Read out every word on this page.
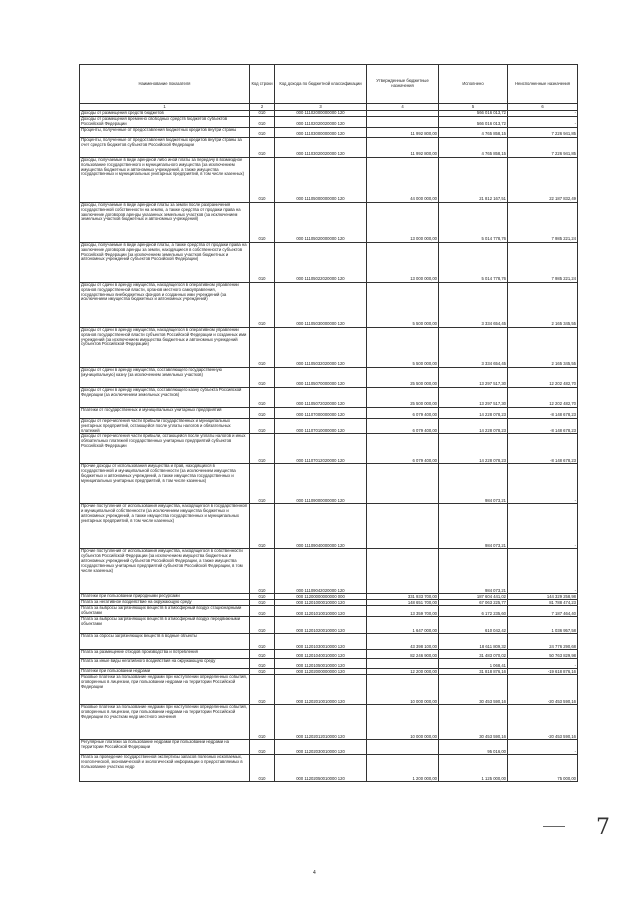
Наименование показателя	Код строки	Код дохода по бюджетной классификации	Утвержденные бюджетные назначения	Исполнено	Неисполненные назначения
1	2	3	4	5	6
Доходы от размещения средств бюджетов	010	000 11102000000000 120		566 016 013,72	-
Доходы от размещения временно свободных средств бюджетов субъектов Российской Федерации	010	000 11102020020000 120		566 016 013,72	-
Проценты, полученные от предоставления бюджетных кредитов внутри страны	010	000 11103000000000 120	11 992 800,00	4 765 858,15	7 226 941,85
Проценты, полученные от предоставления бюджетных кредитов внутри страны за счет средств бюджетов субъектов Российской Федерации	010	000 11103020020000 120	11 992 800,00	4 765 858,15	7 226 941,85
Доходы, получаемые в виде арендной либо иной платы за передачу в возмездное пользование государственного и муниципального имущества (за исключением имущества бюджетных и автономных учреждений, а также имущества государственных и муниципальных унитарных предприятий, в том числе казенных)	010	000 11105000000000 120	44 000 000,00	21 812 167,51	22 187 832,49
Доходы, получаемые в виде арендной платы за земли после разграничения государственной собственности на землю, а также средства от продажи права на заключение договоров аренды указанных земельных участков (за исключением земельных участков бюджетных и автономных учреждений)	010	000 11105020000000 120	13 000 000,00	5 014 778,76	7 985 221,24
Доходы, получаемые в виде арендной платы, а также средства от продажи права на заключение договоров аренды за земли, находящиеся в собственности субъектов Российской Федерации (за исключением земельных участков бюджетных и автономных учреждений субъектов Российской Федерации)	010	000 11105022020000 120	13 000 000,00	5 014 778,76	7 985 221,24
Доходы от сдачи в аренду имущества, находящегося в оперативном управлении органов государственной власти, органов местного самоуправления, государственных внебюджетных фондов и созданных ими учреждений (за исключением имущества бюджетных и автономных учреждений)	010	000 11105030000000 120	5 500 000,00	3 334 654,45	2 165 345,55
Доходы от сдачи в аренду имущества, находящегося в оперативном управлении органов государственной власти субъектов Российской Федерации и созданных ими учреждений (за исключением имущества бюджетных и автономных учреждений субъектов Российской Федерации)	010	000 11105032020000 120	5 500 000,00	3 334 654,45	2 165 345,55
Доходы от сдачи в аренду имущества, составляющего государственную (муниципальную) казну (за исключением земельных участков)	010	000 11105070000000 120	25 500 000,00	13 297 517,30	12 202 482,70
Доходы от сдачи в аренду имущества, составляющего казну субъекта Российской Федерации (за исключением земельных участков)	010	000 11105072020000 120	25 500 000,00	13 297 517,30	12 202 482,70
Платежи от государственных и муниципальных унитарных предприятий	010	000 11107000000000 120	6 079 400,00	14 228 078,23	-8 148 678,23
Доходы от перечисления части прибыли государственных и муниципальных унитарных предприятий, остающейся после уплаты налогов и обязательных платежей	010	000 11107010000000 120	6 079 400,00	14 228 078,23	-8 148 678,23
Доходы от перечисления части прибыли, остающейся после уплаты налогов и иных обязательных платежей государственных унитарных предприятий субъектов Российской Федерации	010	000 11107012020000 120	6 079 400,00	14 228 078,23	-8 148 678,23
Прочие доходы от использования имущества и прав, находящихся в государственной и муниципальной собственности (за исключением имущества бюджетных и автономных учреждений, а также имущества государственных и муниципальных унитарных предприятий, в том числе казенных)	010	000 11109000000000 120		984 073,21	-
Прочие поступления от использования имущества, находящегося в государственной и муниципальной собственности (за исключением имущества бюджетных и автономных учреждений, а также имущества государственных и муниципальных унитарных предприятий, в том числе казенных)	010	000 11109040000000 120		984 073,21	-
Прочие поступления от использования имущества, находящегося в собственности субъектов Российской Федерации (за исключением имущества бюджетных и автономных учреждений субъектов Российской Федерации, а также имущества государственных унитарных предприятий субъектов Российской Федерации, в том числе казенных)	010	000 11109042020000 120		984 073,21	-
Платежи при пользовании природными ресурсами	010	000 11200000000000 000	331 933 700,00	187 604 441,02	144 329 258,98
Плата за негативное воздействие на окружающую среду	010	000 11201000010000 120	148 651 700,00	67 063 225,77	81 788 474,23
Плата за выбросы загрязняющих веществ в атмосферный воздух стационарными объектами	010	000 11201010010000 120	13 359 700,00	6 172 235,60	7 187 464,40
Плата за выбросы загрязняющих веществ в атмосферный воздух передвижными объектами	010	000 11201020010000 120	1 647 000,00	610 042,42	1 036 957,58
Плата за сбросы загрязняющих веществ в водные объекты	010	000 11201030010000 120	43 398 100,00	18 611 809,32	24 776 290,68
Плата за размещение отходов производства и потребления	010	000 11201040010000 120	82 246 900,00	31 483 070,02	50 763 829,98
Плата за иные виды негативного воздействия на окружающую среду	010	000 11201050010000 120		1 068,41	-
Платежи при пользовании недрами	010	000 11202000000000 120	12 200 000,00	31 818 876,16	-19 618 876,16
Разовые платежи за пользование недрами при наступлении определенных событий, оговоренных в лицензии, при пользовании недрами на территории Российской Федерации	010	000 11202010010000 120	10 000 000,00	30 453 590,16	-20 453 590,16
Разовые платежи за пользование недрами при наступлении определенных событий, оговоренных в лицензии, при пользовании недрами на территории Российской Федерации по участкам недр местного значения	010	000 11202012010000 120	10 000 000,00	30 453 590,16	-20 453 590,16
Регулярные платежи за пользование недрами при пользовании недрами на территории Российской Федерации	010	000 11202030010000 120		95 016,00	-
Плата за проведение государственной экспертизы запасов полезных ископаемых, геологической, экономической и экологической информации о предоставляемых в пользование участках недр	010	000 11202050010000 120	1 200 000,00	1 125 000,00	75 000,00
4
7
